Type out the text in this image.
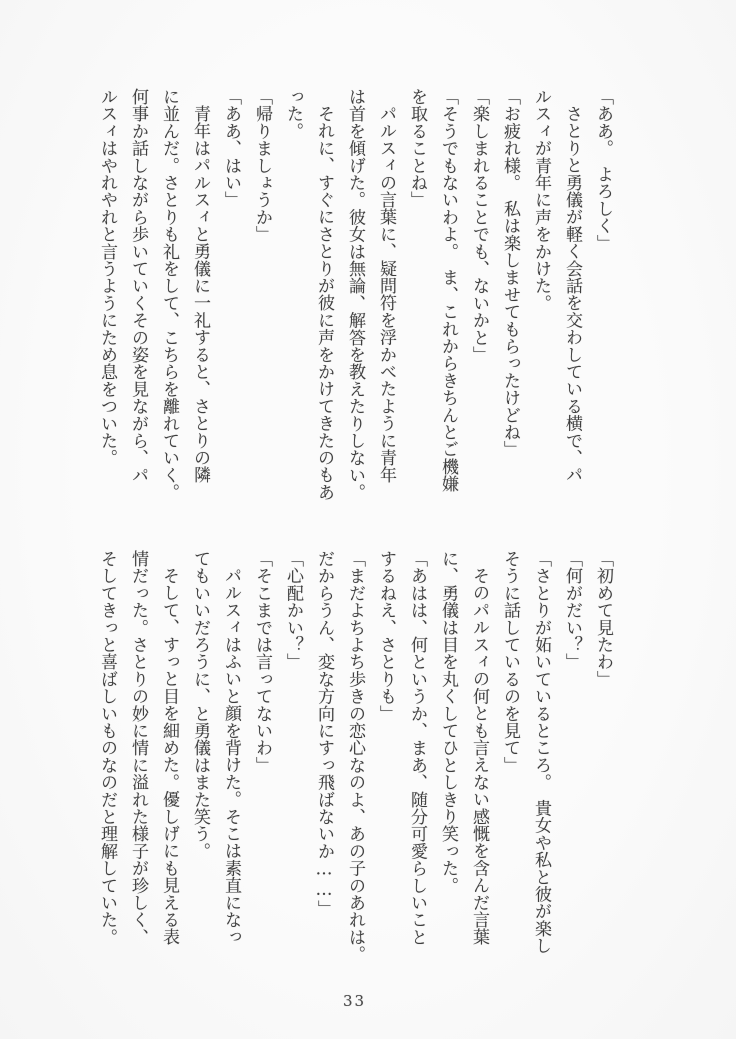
「ああ。　よろしく」
さとりと勇儀が軽く会話を交わしている横で、パ
ルスィが青年に声をかけた。
「お疲れ様。　私は楽しませてもらったけどね」
「楽しまれることでも、ないかと」
「そうでもないわよ。　ま、これからきちんとご機嫌
を取ることね」
パルスィの言葉に、疑問符を浮かべたように青年
は首を傾げた。彼女は無論、解答を教えたりしない。
それに、すぐにさとりが彼に声をかけてきたのもあ
った。
「帰りましょうか」
「ああ、はい」
青年はパルスィと勇儀に一礼すると、さとりの隣
に並んだ。さとりも礼をして、こちらを離れていく。
何事か話しながら歩いていくその姿を見ながら、パ
ルスィはやれやれと言うようにため息をついた。
「初めて見たわ」
「何がだい？」
「さとりが妬いているところ。　貴女や私と彼が楽し
そうに話しているのを見て」
そのパルスィの何とも言えない感慨を含んだ言葉
に、勇儀は目を丸くしてひとしきり笑った。
「あはは、何というか、まあ、随分可愛らしいこと
するねえ、さとりも」
「まだよちよち歩きの恋心なのよ、あの子のあれは。
だからうん、変な方向にすっ飛ばないか……」
「心配かい？」
「そこまでは言ってないわ」
パルスィはふいと顔を背けた。そこは素直になっ
てもいいだろうに、と勇儀はまた笑う。
そして、すっと目を細めた。優しげにも見える表
情だった。さとりの妙に情に溢れた様子が珍しく、
そしてきっと喜ばしいものなのだと理解していた。
33
